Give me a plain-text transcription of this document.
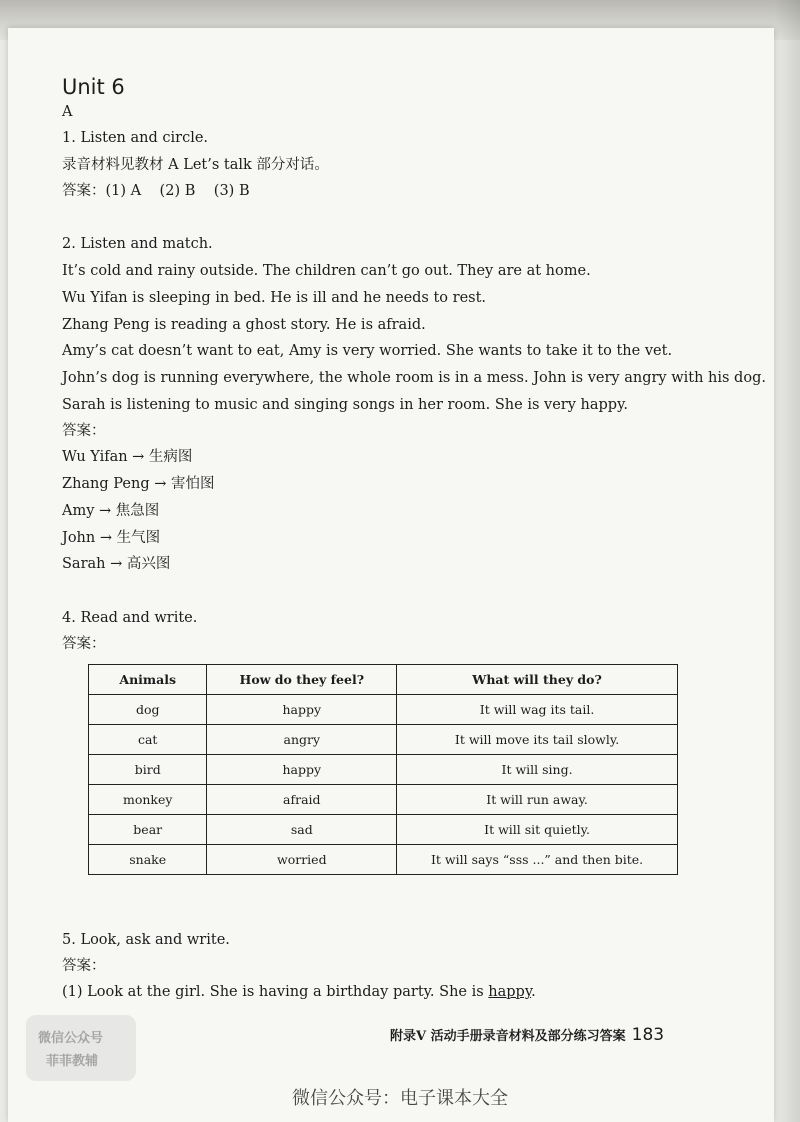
Unit 6
A
1. Listen and circle.
录音材料见教材 A Let’s talk 部分对话。
答案：(1) A    (2) B    (3) B
2. Listen and match.
It’s cold and rainy outside. The children can’t go out. They are at home.
Wu Yifan is sleeping in bed. He is ill and he needs to rest.
Zhang Peng is reading a ghost story. He is afraid.
Amy’s cat doesn’t want to eat, Amy is very worried. She wants to take it to the vet.
John’s dog is running everywhere, the whole room is in a mess. John is very angry with his dog.
Sarah is listening to music and singing songs in her room. She is very happy.
答案：
Wu Yifan → 生病图
Zhang Peng → 害怕图
Amy → 焦急图
John → 生气图
Sarah → 高兴图
4. Read and write.
答案：
Animals	How do they feel?	What will they do?
dog	happy	It will wag its tail.
cat	angry	It will move its tail slowly.
bird	happy	It will sing.
monkey	afraid	It will run away.
bear	sad	It will sit quietly.
snake	worried	It will says “sss ...” and then bite.
5. Look, ask and write.
答案：
(1) Look at the girl. She is having a birthday party. She is happy.
附录V 活动手册录音材料及部分练习答案 183
微信公众号
菲菲教辅
微信公众号：电子课本大全
